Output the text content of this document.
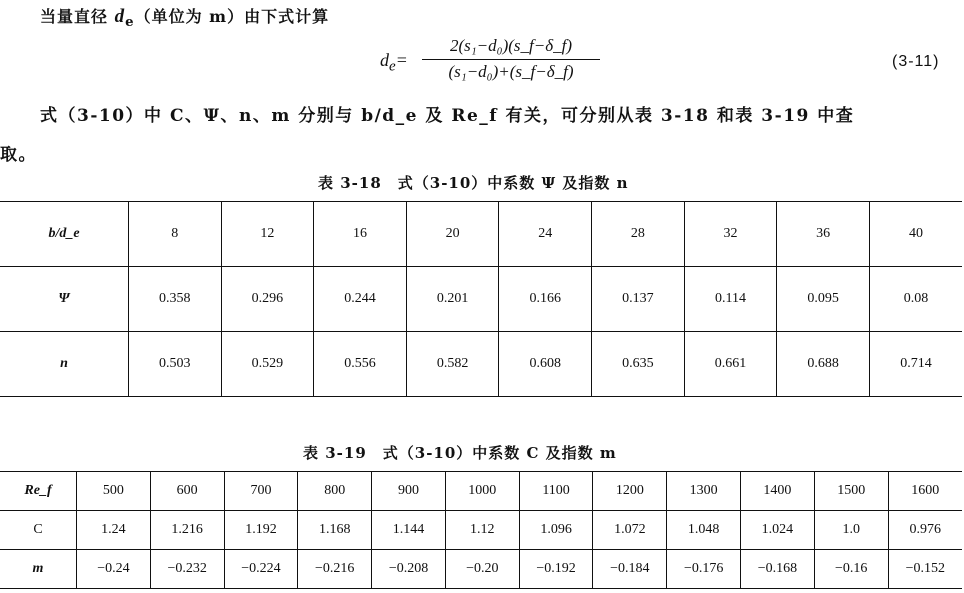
当量直径 $d_e$（单位为 m）由下式计算
$d_e=$
2(s₁−d₀)(s_f−δ_f)
(s₁−d₀)+(s_f−δ_f)
(3-11)
式（3-10）中 C、Ψ、n、m 分别与 b/d_e 及 Re_f 有关，可分别从表 3-18 和表 3-19 中查
取。
表 3-18　式（3-10）中系数 Ψ 及指数 n
b/d_e	8	12	16	20	24	28	32	36	40
Ψ	0.358	0.296	0.244	0.201	0.166	0.137	0.114	0.095	0.08
n	0.503	0.529	0.556	0.582	0.608	0.635	0.661	0.688	0.714
表 3-19　式（3-10）中系数 C 及指数 m
Re_f	500	600	700	800	900	1000	1100	1200	1300	1400	1500	1600
C	1.24	1.216	1.192	1.168	1.144	1.12	1.096	1.072	1.048	1.024	1.0	0.976
m	−0.24	−0.232	−0.224	−0.216	−0.208	−0.20	−0.192	−0.184	−0.176	−0.168	−0.16	−0.152
